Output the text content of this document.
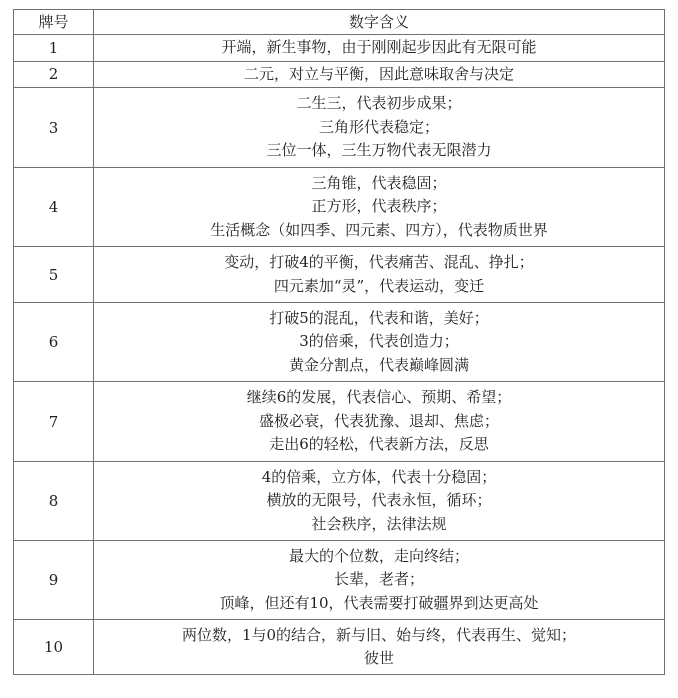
牌号	数字含义
1	开端，新生事物，由于刚刚起步因此有无限可能

2	二元，对立与平衡，因此意味取舍与决定

3	二生三，代表初步成果；
三角形代表稳定；
三位一体，三生万物代表无限潜力

4	三角锥，代表稳固；
正方形，代表秩序；
生活概念（如四季、四元素、四方），代表物质世界

5	变动，打破4的平衡，代表痛苦、混乱、挣扎；
四元素加“灵”，代表运动，变迁

6	打破5的混乱，代表和谐，美好；
3的倍乘，代表创造力；
黄金分割点，代表巅峰圆满

7	继续6的发展，代表信心、预期、希望；
盛极必衰，代表犹豫、退却、焦虑；
走出6的轻松，代表新方法，反思

8	4的倍乘，立方体，代表十分稳固；
横放的无限号，代表永恒，循环；
社会秩序，法律法规

9	最大的个位数，走向终结；
长辈，老者；
顶峰，但还有10，代表需要打破疆界到达更高处

10	两位数，1与0的结合，新与旧、始与终，代表再生、觉知；
彼世
